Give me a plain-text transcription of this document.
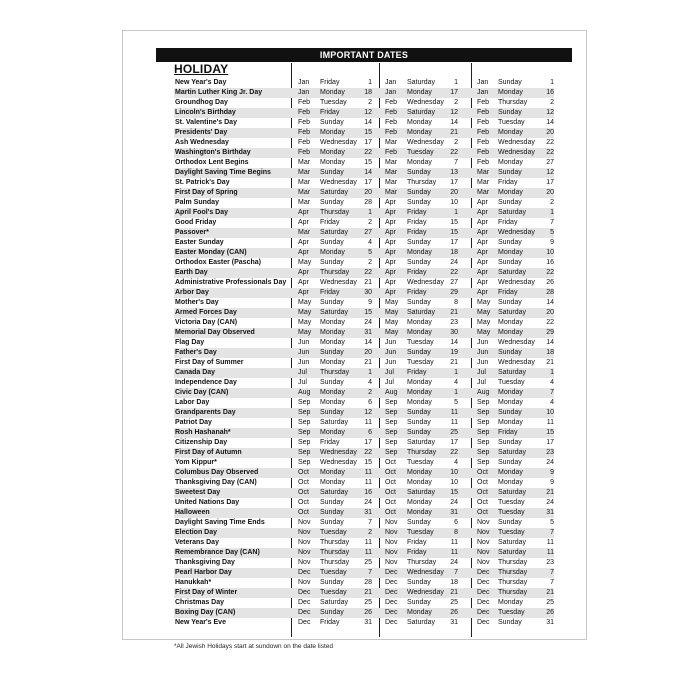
IMPORTANT DATES
HOLIDAY
New Year's Day	Jan	Friday	1 Jan	Saturday	1	Jan	Sunday	1
Martin Luther King Jr. Day	Jan	Monday	18 Jan	Monday	17	Jan	Monday	16
Groundhog Day	Feb	Tuesday	2 Feb	Wednesday	2	Feb	Thursday	2
Lincoln's Birthday	Feb	Friday	12 Feb	Saturday	12	Feb	Sunday	12
St. Valentine's Day	Feb	Sunday	14 Feb	Monday	14	Feb	Tuesday	14
Presidents' Day	Feb	Monday	15 Feb	Monday	21	Feb	Monday	20
Ash Wednesday	Feb	Wednesday	17 Mar	Wednesday	2	Feb	Wednesday	22
Washington's Birthday	Feb	Monday	22 Feb	Tuesday	22	Feb	Wednesday	22
Orthodox Lent Begins	Mar	Monday	15 Mar	Monday	7	Feb	Monday	27
Daylight Saving Time Begins	Mar	Sunday	14 Mar	Sunday	13	Mar	Sunday	12
St. Patrick's Day	Mar	Wednesday	17 Mar	Thursday	17	Mar	Friday	17
First Day of Spring	Mar	Saturday	20 Mar	Sunday	20	Mar	Monday	20
Palm Sunday	Mar	Sunday	28 Apr	Sunday	10	Apr	Sunday	2
April Fool's Day	Apr	Thursday	1 Apr	Friday	1	Apr	Saturday	1
Good Friday	Apr	Friday	2 Apr	Friday	15	Apr	Friday	7
Passover*	Mar	Saturday	27 Apr	Friday	15	Apr	Wednesday	5
Easter Sunday	Apr	Sunday	4 Apr	Sunday	17	Apr	Sunday	9
Easter Monday (CAN)	Apr	Monday	5 Apr	Monday	18	Apr	Monday	10
Orthodox Easter (Pascha)	May	Sunday	2 Apr	Sunday	24	Apr	Sunday	16
Earth Day	Apr	Thursday	22 Apr	Friday	22	Apr	Saturday	22
Administrative Professionals Day Apr	Wednesday	21 Apr	Wednesday 27	Apr	Wednesday	26
Arbor Day	Apr	Friday	30 Apr	Friday	29	Apr	Friday	28
Mother's Day	May	Sunday	9 May	Sunday	8	May	Sunday	14
Armed Forces Day	May	Saturday	15 May	Saturday	21	May	Saturday	20
Victoria Day (CAN)	May	Monday	24 May	Monday	23	May	Monday	22
Memorial Day Observed	May	Monday	31 May	Monday	30	May	Monday	29
Flag Day	Jun	Monday	14 Jun	Tuesday	14	Jun	Wednesday	14
Father's Day	Jun	Sunday	20 Jun	Sunday	19	Jun	Sunday	18
First Day of Summer	Jun	Monday	21 Jun	Tuesday	21	Jun	Wednesday	21
Canada Day	Jul	Thursday	1 Jul	Friday	1	Jul	Saturday	1
Independence Day	Jul	Sunday	4 Jul	Monday	4	Jul	Tuesday	4
Civic Day (CAN)	Aug	Monday	2 Aug	Monday	1	Aug	Monday	7
Labor Day	Sep	Monday	6 Sep	Monday	5	Sep	Monday	4
Grandparents Day	Sep	Sunday	12 Sep	Sunday	11	Sep	Sunday	10
Patriot Day	Sep	Saturday	11 Sep	Sunday	11	Sep	Monday	11
Rosh Hashanah*	Sep	Monday	6 Sep	Sunday	25	Sep	Friday	15
Citizenship Day	Sep	Friday	17 Sep	Saturday	17	Sep	Sunday	17
First Day of Autumn	Sep	Wednesday	22 Sep	Thursday	22	Sep	Saturday	23
Yom Kippur*	Sep	Wednesday	15 Oct	Tuesday	4	Sep	Sunday	24
Columbus Day Observed	Oct	Monday	11 Oct	Monday	10	Oct	Monday	9
Thanksgiving Day (CAN)	Oct	Monday	11 Oct	Monday	10	Oct	Monday	9
Sweetest Day	Oct	Saturday	16 Oct	Saturday	15	Oct	Saturday	21
United Nations Day	Oct	Sunday	24 Oct	Monday	24	Oct	Tuesday	24
Halloween	Oct	Sunday	31 Oct	Monday	31	Oct	Tuesday	31
Daylight Saving Time Ends	Nov	Sunday	7 Nov	Sunday	6	Nov	Sunday	5
Election Day	Nov	Tuesday	2 Nov	Tuesday	8	Nov	Tuesday	7
Veterans Day	Nov	Thursday	11 Nov	Friday	11	Nov	Saturday	11
Remembrance Day (CAN)	Nov	Thursday	11 Nov	Friday	11	Nov	Saturday	11
Thanksgiving Day	Nov	Thursday	25 Nov	Thursday	24	Nov	Thursday	23
Pearl Harbor Day	Dec	Tuesday	7 Dec	Wednesday	7	Dec	Thursday	7
Hanukkah*	Nov	Sunday	28 Dec	Sunday	18	Dec	Thursday	7
First Day of Winter	Dec	Tuesday	21 Dec	Wednesday 21	Dec	Thursday	21
Christmas Day	Dec	Saturday	25 Dec	Sunday	25	Dec	Monday	25
Boxing Day (CAN)	Dec	Sunday	26 Dec	Monday	26	Dec	Tuesday	26
New Year's Eve	Dec	Friday	31 Dec	Saturday	31	Dec	Sunday	31
*All Jewish Holidays start at sundown on the date listed
